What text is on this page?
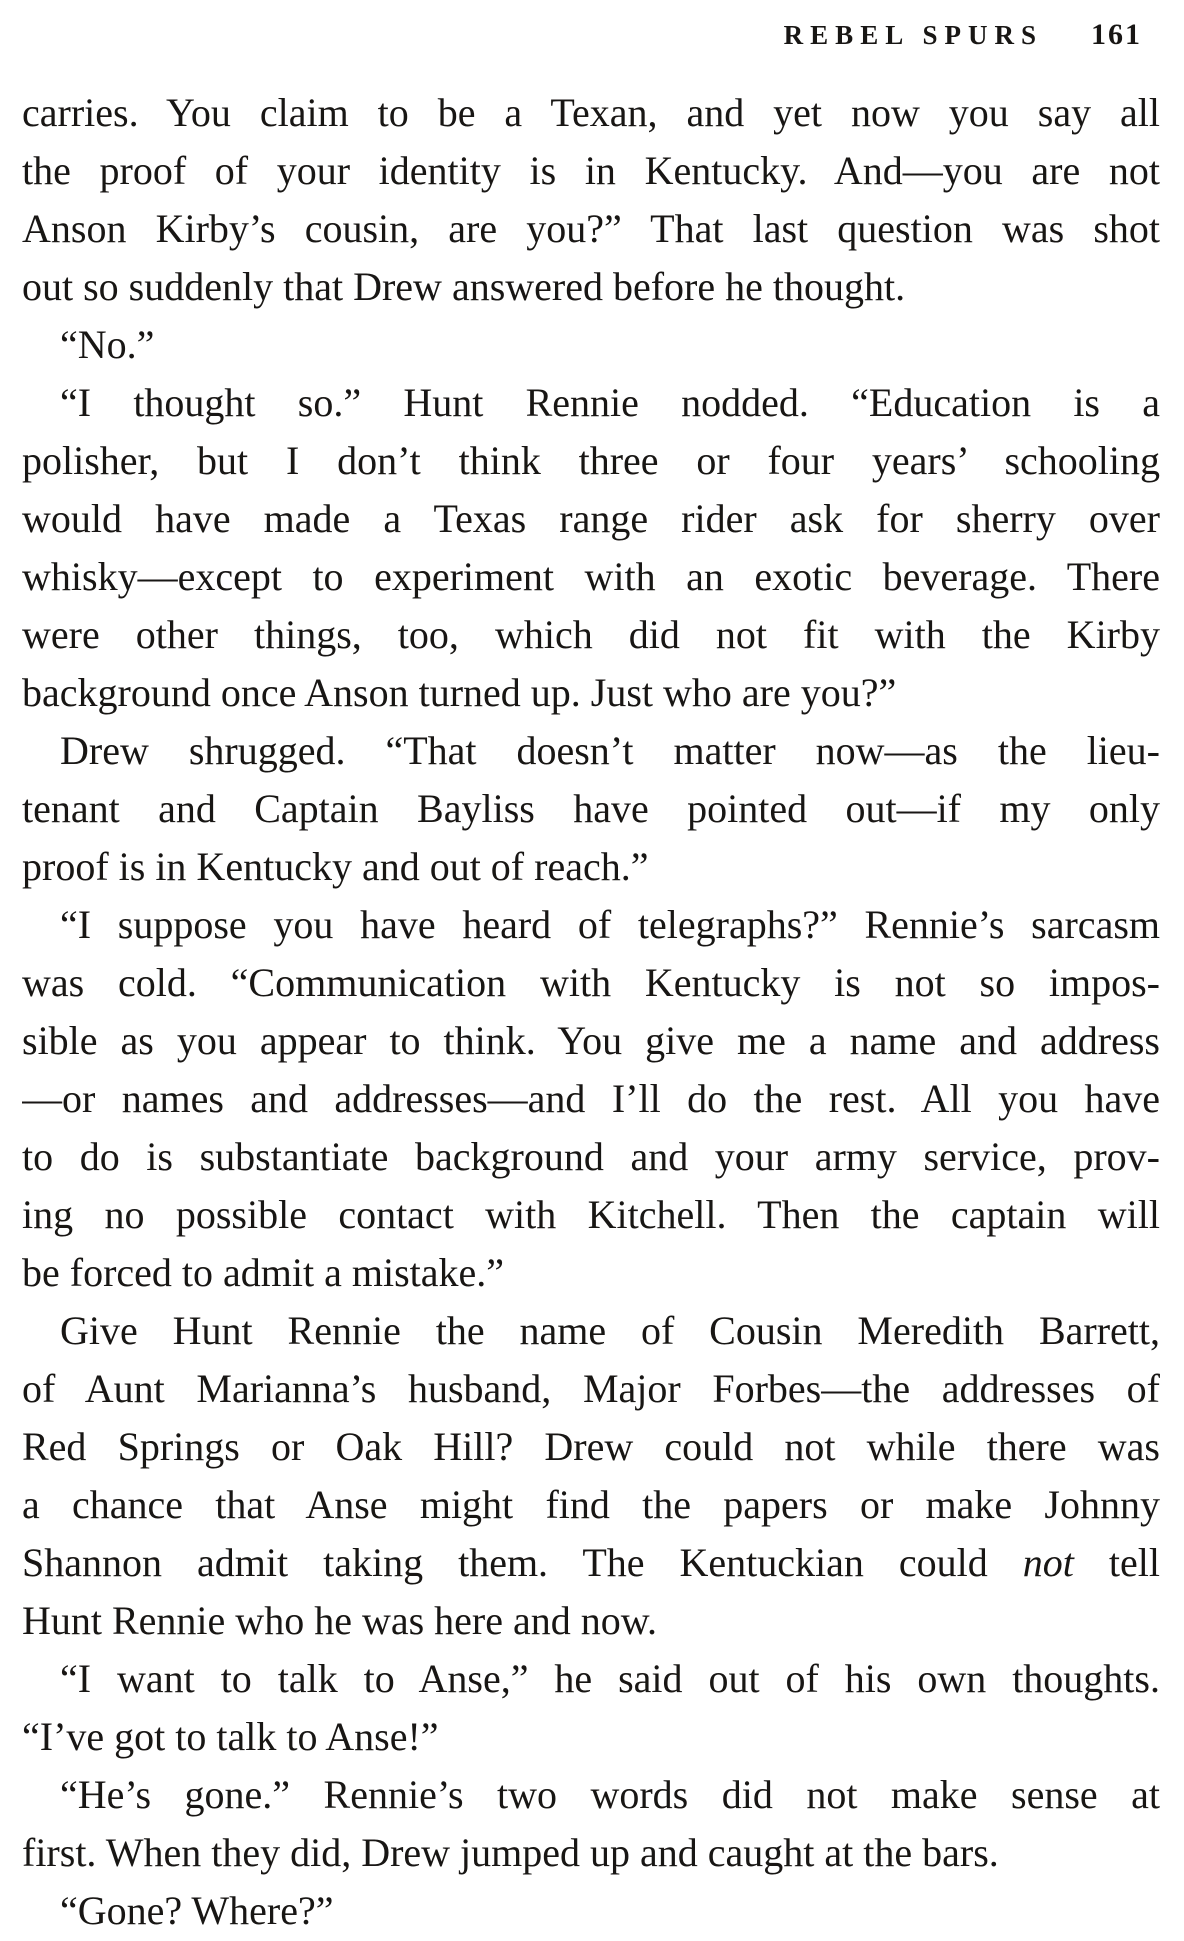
REBEL SPURS 161
carries. You claim to be a Texan, and yet now you say all
the proof of your identity is in Kentucky. And—you are not
Anson Kirby’s cousin, are you?” That last question was shot
out so suddenly that Drew answered before he thought.
“No.”
“I thought so.” Hunt Rennie nodded. “Education is a
polisher, but I don’t think three or four years’ schooling
would have made a Texas range rider ask for sherry over
whisky—except to experiment with an exotic beverage. There
were other things, too, which did not fit with the Kirby
background once Anson turned up. Just who are you?”
Drew shrugged. “That doesn’t matter now—as the lieu-
tenant and Captain Bayliss have pointed out—if my only
proof is in Kentucky and out of reach.”
“I suppose you have heard of telegraphs?” Rennie’s sarcasm
was cold. “Communication with Kentucky is not so impos-
sible as you appear to think. You give me a name and address
—or names and addresses—and I’ll do the rest. All you have
to do is substantiate background and your army service, prov-
ing no possible contact with Kitchell. Then the captain will
be forced to admit a mistake.”
Give Hunt Rennie the name of Cousin Meredith Barrett,
of Aunt Marianna’s husband, Major Forbes—the addresses of
Red Springs or Oak Hill? Drew could not while there was
a chance that Anse might find the papers or make Johnny
Shannon admit taking them. The Kentuckian could not tell
Hunt Rennie who he was here and now.
“I want to talk to Anse,” he said out of his own thoughts.
“I’ve got to talk to Anse!”
“He’s gone.” Rennie’s two words did not make sense at
first. When they did, Drew jumped up and caught at the bars.
“Gone? Where?”
